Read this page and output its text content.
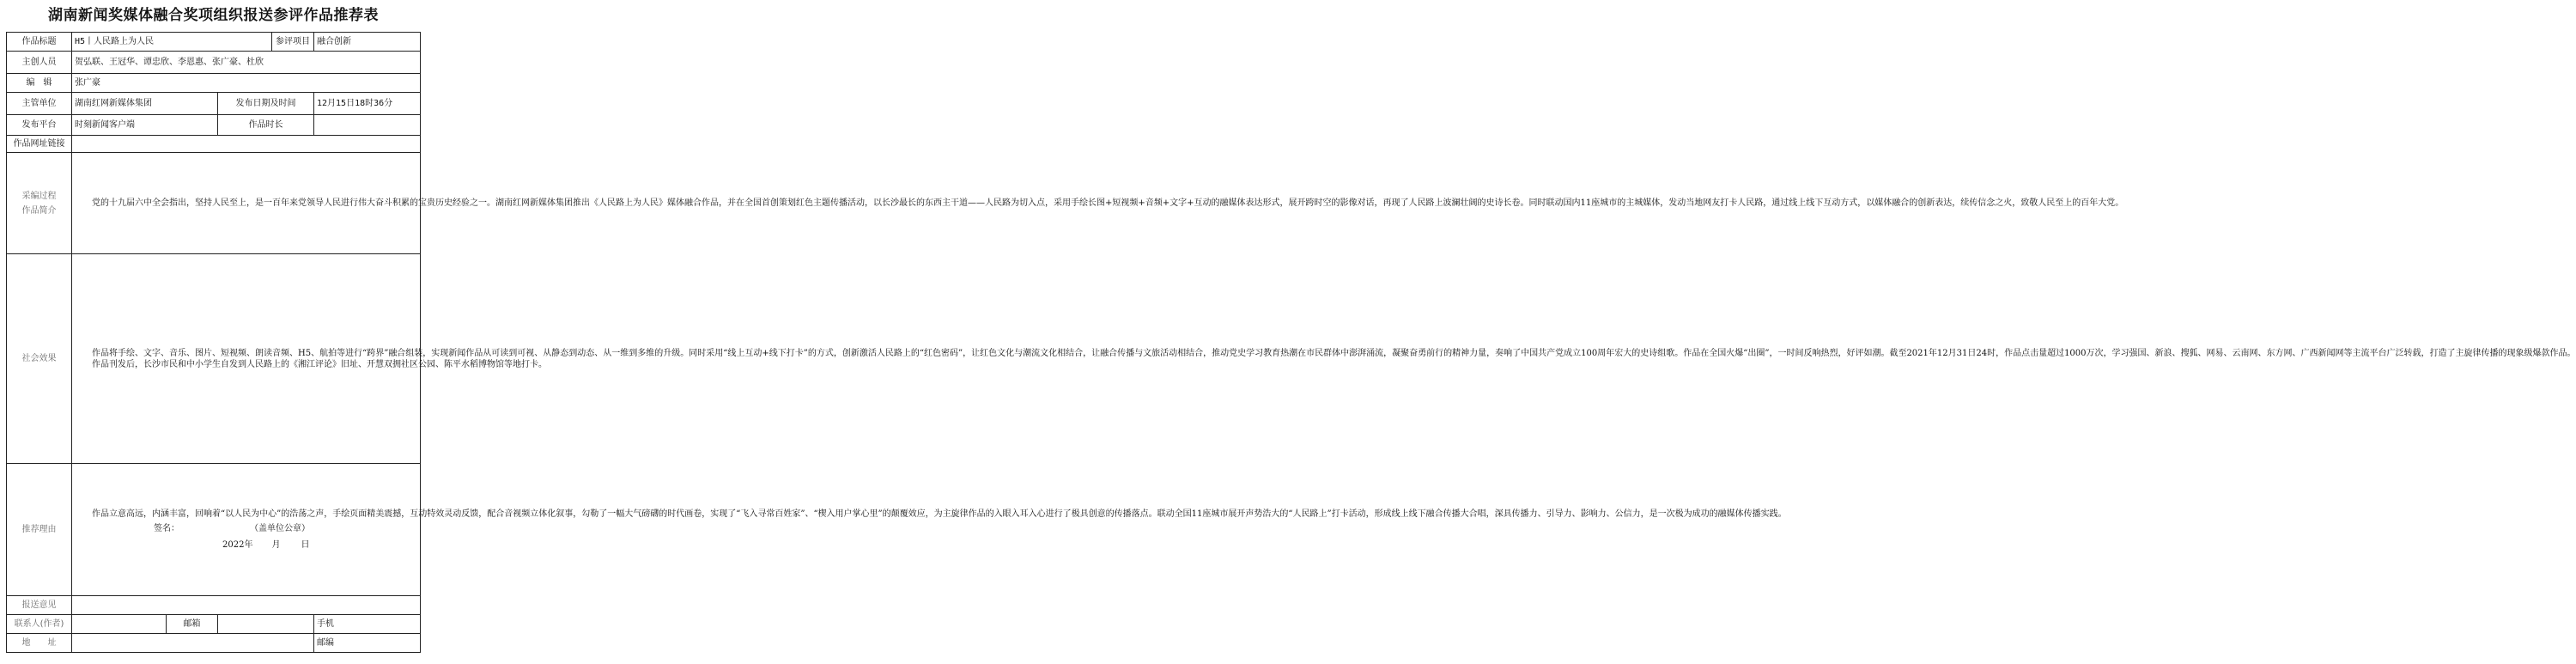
湖南新闻奖媒体融合奖项组织报送参评作品推荐表
作品标题	H5丨人民路上为人民			参评项目	融合创新
主创人员	贺弘联、王冠华、谭忠欣、李恩惠、张广豪、杜欣				
编　辑	张广豪				
主管单位	湖南红网新媒体集团		发布日期及时间		12月15日18时36分
发布平台	时刻新闻客户端		作品时长		
作品网址链接					

采编过程
作品简介	党的十九届六中全会指出，坚持人民至上，是一百年来党领导人民进行伟大奋斗积累的宝贵历史经验之一。湖南红网新媒体集团推出《人民路上为人民》媒体融合作品，并在全国首创策划红色主题传播活动，以长沙最长的东西主干道——人民路为切入点，采用手绘长图+短视频+音频+文字+互动的融媒体表达形式，展开跨时空的影像对话，再现了人民路上波澜壮阔的史诗长卷。同时联动国内11座城市的主城媒体，发动当地网友打卡人民路，通过线上线下互动方式，以媒体融合的创新表达，续传信念之火，致敬人民至上的百年大党。				

社会效果	作品将手绘、文字、音乐、图片、短视频、朗读音频、H5、航拍等进行“跨界”融合组装，实现新闻作品从可读到可视、从静态到动态、从一维到多维的升级。同时采用“线上互动+线下打卡”的方式，创新激活人民路上的“红色密码”，让红色文化与潮流文化相结合，让融合传播与文旅活动相结合，推动党史学习教育热潮在市民群体中澎湃涌流，凝聚奋勇前行的精神力量，奏响了中国共产党成立100周年宏大的史诗组歌。作品在全国火爆“出圈”，一时间反响热烈，好评如潮。截至2021年12月31日24时，作品点击量超过1000万次，学习强国、新浪、搜狐、网易、云南网、东方网、广西新闻网等主流平台广泛转载，打造了主旋律传播的现象级爆款作品。

作品刊发后，长沙市民和中小学生自发到人民路上的《湘江评论》旧址、开慧双拥社区公园、陈平水稻博物馆等地打卡。				

推荐理由	作品立意高远，内涵丰富，回响着“以人民为中心”的浩荡之声，手绘页面精美震撼，互动特效灵动反馈，配合音视频立体化叙事，勾勒了一幅大气磅礴的时代画卷，实现了“飞入寻常百姓家”、“楔入用户掌心里”的颠覆效应，为主旋律作品的入眼入耳入心进行了极具创意的传播落点。联动全国11座城市展开声势浩大的“人民路上”打卡活动，形成线上线下融合传播大合唱，深具传播力、引导力、影响力、公信力，是一次极为成功的融媒体传播实践。

签名： （盖单位公章）
2022年 月 日				

报送意见					
联系人(作者)		邮箱			手机
地　　址					邮编
